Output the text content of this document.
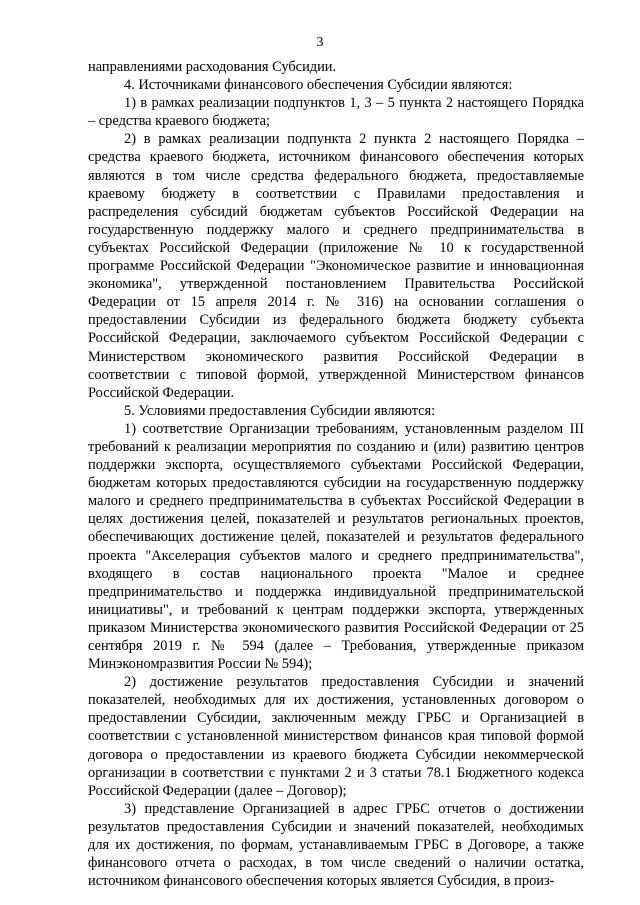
3

направлениями расходования Субсидии.

4. Источниками финансового обеспечения Субсидии являются:

1) в рамках реализации подпунктов 1, 3 – 5 пункта 2 настоящего Порядка – средства краевого бюджета;

2) в рамках реализации подпункта 2 пункта 2 настоящего Порядка – средства краевого бюджета, источником финансового обеспечения которых являются в том числе средства федерального бюджета, предоставляемые краевому бюджету в соответствии с Правилами предоставления и распределения субсидий бюджетам субъектов Российской Федерации на государственную поддержку малого и среднего предпринимательства в субъектах Российской Федерации (приложение № 10 к государственной программе Российской Федерации "Экономическое развитие и инновационная экономика", утвержденной постановлением Правительства Российской Федерации от 15 апреля 2014 г. № 316) на основании соглашения о предоставлении Субсидии из федерального бюджета бюджету субъекта Российской Федерации, заключаемого субъектом Российской Федерации с Министерством экономического развития Российской Федерации в соответствии с типовой формой, утвержденной Министерством финансов Российской Федерации.

5. Условиями предоставления Субсидии являются:

1) соответствие Организации требованиям, установленным разделом III требований к реализации мероприятия по созданию и (или) развитию центров поддержки экспорта, осуществляемого субъектами Российской Федерации, бюджетам которых предоставляются субсидии на государственную поддержку малого и среднего предпринимательства в субъектах Российской Федерации в целях достижения целей, показателей и результатов региональных проектов, обеспечивающих достижение целей, показателей и результатов федерального проекта "Акселерация субъектов малого и среднего предпринимательства", входящего в состав национального проекта "Малое и среднее предпринимательство и поддержка индивидуальной предпринимательской инициативы", и требований к центрам поддержки экспорта, утвержденных приказом Министерства экономического развития Российской Федерации от 25 сентября 2019 г. № 594 (далее – Требования, утвержденные приказом Минэкономразвития России № 594);

2) достижение результатов предоставления Субсидии и значений показателей, необходимых для их достижения, установленных договором о предоставлении Субсидии, заключенным между ГРБС и Организацией в соответствии с установленной министерством финансов края типовой формой договора о предоставлении из краевого бюджета Субсидии некоммерческой организации в соответствии с пунктами 2 и 3 статьи 78.1 Бюджетного кодекса Российской Федерации (далее – Договор);

3) представление Организацией в адрес ГРБС отчетов о достижении результатов предоставления Субсидии и значений показателей, необходимых для их достижения, по формам, устанавливаемым ГРБС в Договоре, а также финансового отчета о расходах, в том числе сведений о наличии остатка, источником финансового обеспечения которых является Субсидия, в произ-
